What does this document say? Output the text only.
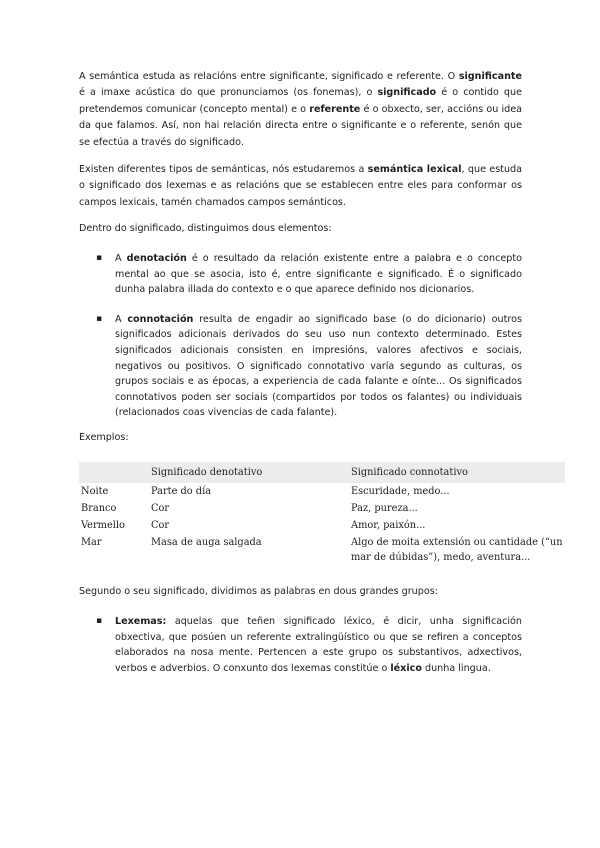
A semántica estuda as relacións entre significante, significado e referente. O significante é a imaxe acústica do que pronunciamos (os fonemas), o significado é o contido que pretendemos comunicar (concepto mental) e o referente é o obxecto, ser, accións ou idea da que falamos. Así, non hai relación directa entre o significante e o referente, senón que se efectúa a través do significado.

Existen diferentes tipos de semánticas, nós estudaremos a semántica lexical, que estuda o significado dos lexemas e as relacións que se establecen entre eles para conformar os campos lexicais, tamén chamados campos semánticos.

Dentro do significado, distinguimos dous elementos:

▪ A denotación é o resultado da relación existente entre a palabra e o concepto mental ao que se asocia, isto é, entre significante e significado. É o significado dunha palabra illada do contexto e o que aparece definido nos dicionarios.
▪ A connotación resulta de engadir ao significado base (o do dicionario) outros significados adicionais derivados do seu uso nun contexto determinado. Estes significados adicionais consisten en impresións, valores afectivos e sociais, negativos ou positivos. O significado connotativo varía segundo as culturas, os grupos sociais e as épocas, a experiencia de cada falante e oínte... Os significados connotativos poden ser sociais (compartidos por todos os falantes) ou individuais (relacionados coas vivencias de cada falante).

Exemplos:

	Significado denotativo	Significado connotativo
Noite	Parte do día	Escuridade, medo...
Branco	Cor	Paz, pureza...
Vermello	Cor	Amor, paixón...
Mar	Masa de auga salgada	Algo de moita extensión ou cantidade (“un mar de dúbidas”), medo, aventura...

Segundo o seu significado, dividimos as palabras en dous grandes grupos:

▪ Lexemas: aquelas que teñen significado léxico, é dicir, unha significación obxectiva, que posúen un referente extralingüístico ou que se refiren a conceptos elaborados na nosa mente. Pertencen a este grupo os substantivos, adxectivos, verbos e adverbios. O conxunto dos lexemas constitúe o léxico dunha lingua.
